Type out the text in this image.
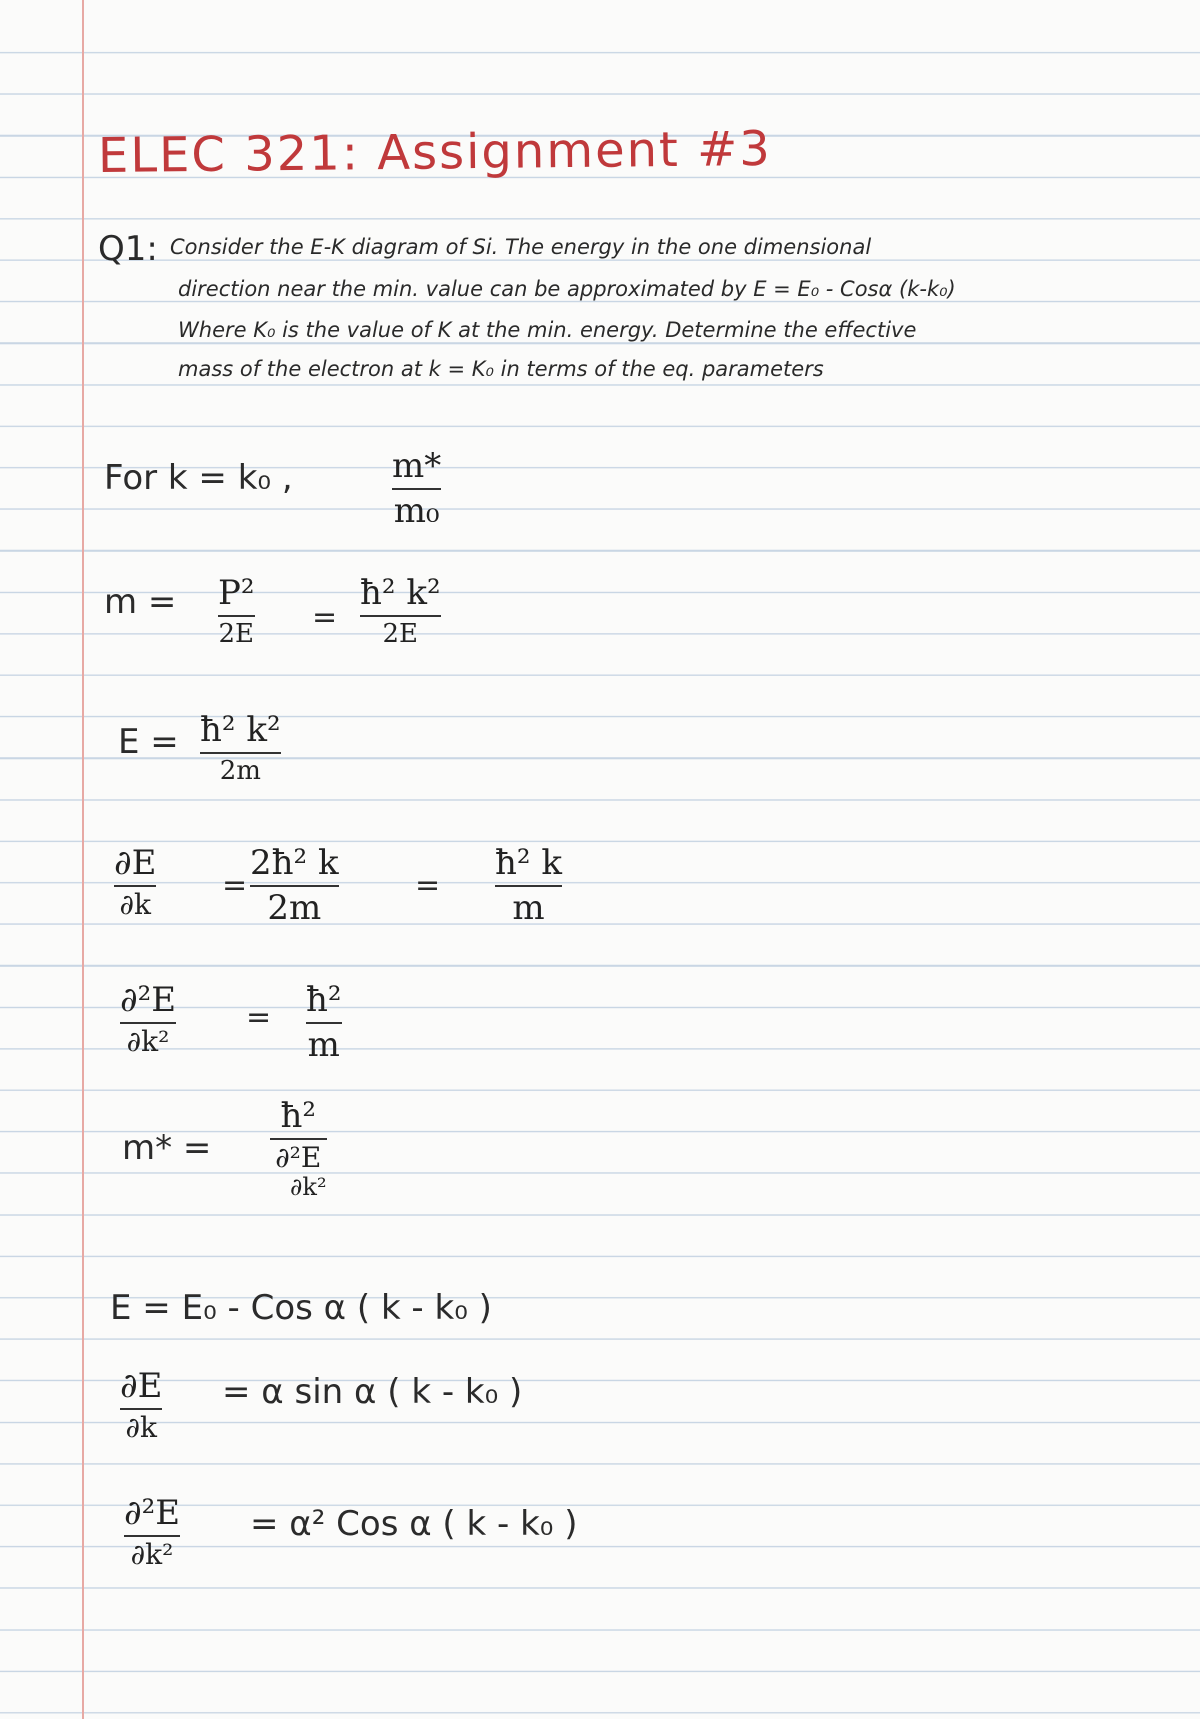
ELEC 321: Assignment #3
Q1: Consider the E-K diagram of Si. The energy in the one dimensional
direction near the min. value can be approximated by E = E₀ - Cosα (k-k₀)
Where K₀ is the value of K at the min. energy. Determine the effective
mass of the electron at k = K₀ in terms of the eq. parameters
For k = k₀ ,	m*
m₀
m = P²
2E =
ħ² k²
2E
E = ħ² k²
2m
∂E
∂k
=
2ħ² k
2m
=
ħ² k
m
∂²E
∂k²
= ħ²
m
m* =
ħ²
∂²E
∂k²
E = E₀ - Cos α ( k - k₀ )
∂E
∂k
= α sin α ( k - k₀ )
∂²E
∂k²
= α² Cos α ( k - k₀ )
